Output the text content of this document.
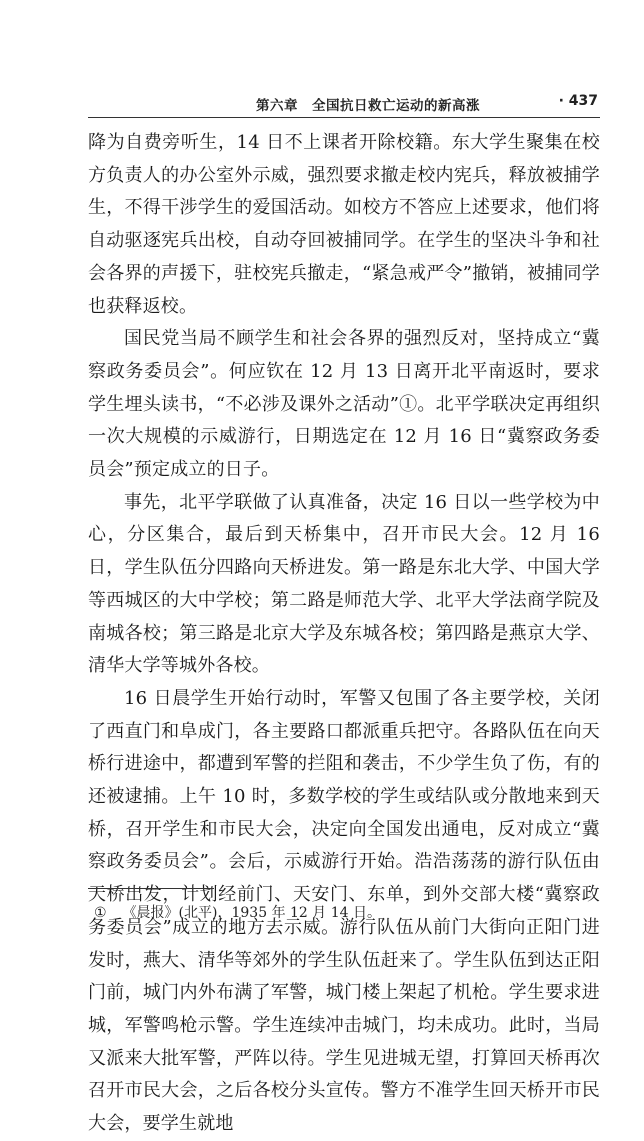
第六章　全国抗日救亡运动的新高涨	· 437

降为自费旁听生，14 日不上课者开除校籍。东大学生聚集在校方负责人的办公室外示威，强烈要求撤走校内宪兵，释放被捕学生，不得干涉学生的爱国活动。如校方不答应上述要求，他们将自动驱逐宪兵出校，自动夺回被捕同学。在学生的坚决斗争和社会各界的声援下，驻校宪兵撤走，“紧急戒严令”撤销，被捕同学也获释返校。

国民党当局不顾学生和社会各界的强烈反对，坚持成立“冀察政务委员会”。何应钦在 12 月 13 日离开北平南返时，要求学生埋头读书，“不必涉及课外之活动”①。北平学联决定再组织一次大规模的示威游行，日期选定在 12 月 16 日“冀察政务委员会”预定成立的日子。

事先，北平学联做了认真准备，决定 16 日以一些学校为中心，分区集合，最后到天桥集中，召开市民大会。12 月 16 日，学生队伍分四路向天桥进发。第一路是东北大学、中国大学等西城区的大中学校；第二路是师范大学、北平大学法商学院及南城各校；第三路是北京大学及东城各校；第四路是燕京大学、清华大学等城外各校。

16 日晨学生开始行动时，军警又包围了各主要学校，关闭了西直门和阜成门，各主要路口都派重兵把守。各路队伍在向天桥行进途中，都遭到军警的拦阻和袭击，不少学生负了伤，有的还被逮捕。上午 10 时，多数学校的学生或结队或分散地来到天桥，召开学生和市民大会，决定向全国发出通电，反对成立“冀察政务委员会”。会后，示威游行开始。浩浩荡荡的游行队伍由天桥出发，计划经前门、天安门、东单，到外交部大楼“冀察政务委员会”成立的地方去示威。游行队伍从前门大街向正阳门进发时，燕大、清华等郊外的学生队伍赶来了。学生队伍到达正阳门前，城门内外布满了军警，城门楼上架起了机枪。学生要求进城，军警鸣枪示警。学生连续冲击城门，均未成功。此时，当局又派来大批军警，严阵以待。学生见进城无望，打算回天桥再次召开市民大会，之后各校分头宣传。警方不准学生回天桥开市民大会，要学生就地

① 《晨报》(北平)，1935 年 12 月 14 日。
